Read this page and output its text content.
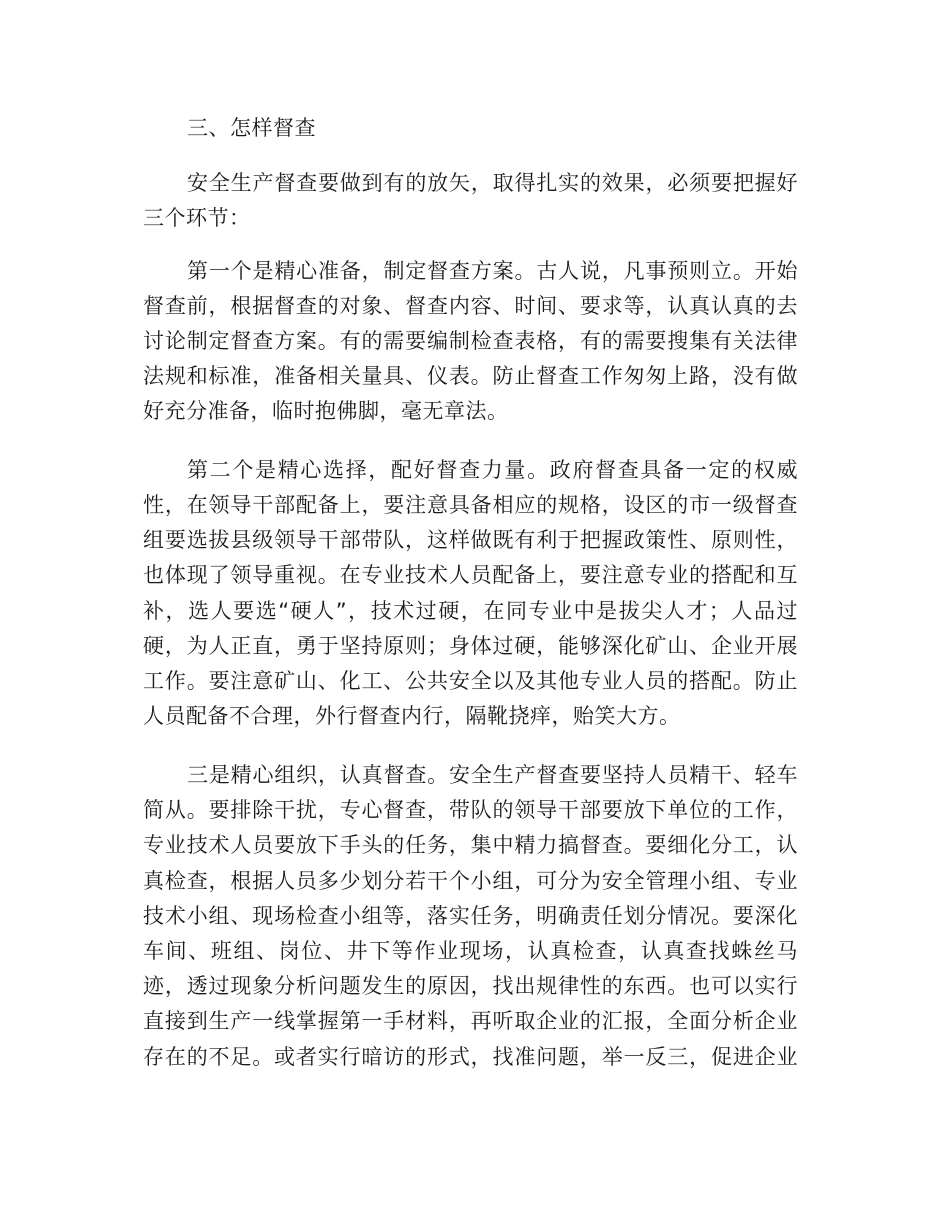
三、怎样督查
安全生产督查要做到有的放矢，取得扎实的效果，必须要把握好
三个环节：
第一个是精心准备，制定督查方案。古人说，凡事预则立。开始
督查前，根据督查的对象、督查内容、时间、要求等，认真认真的去
讨论制定督查方案。有的需要编制检查表格，有的需要搜集有关法律
法规和标准，准备相关量具、仪表。防止督查工作匆匆上路，没有做
好充分准备，临时抱佛脚，毫无章法。
第二个是精心选择，配好督查力量。政府督查具备一定的权威
性，在领导干部配备上，要注意具备相应的规格，设区的市一级督查
组要选拔县级领导干部带队，这样做既有利于把握政策性、原则性，
也体现了领导重视。在专业技术人员配备上，要注意专业的搭配和互
补，选人要选“硬人”，技术过硬，在同专业中是拔尖人才；人品过
硬，为人正直，勇于坚持原则；身体过硬，能够深化矿山、企业开展
工作。要注意矿山、化工、公共安全以及其他专业人员的搭配。防止
人员配备不合理，外行督查内行，隔靴挠痒，贻笑大方。
三是精心组织，认真督查。安全生产督查要坚持人员精干、轻车
简从。要排除干扰，专心督查，带队的领导干部要放下单位的工作，
专业技术人员要放下手头的任务，集中精力搞督查。要细化分工，认
真检查，根据人员多少划分若干个小组，可分为安全管理小组、专业
技术小组、现场检查小组等，落实任务，明确责任划分情况。要深化
车间、班组、岗位、井下等作业现场，认真检查，认真查找蛛丝马
迹，透过现象分析问题发生的原因，找出规律性的东西。也可以实行
直接到生产一线掌握第一手材料，再听取企业的汇报，全面分析企业
存在的不足。或者实行暗访的形式，找准问题，举一反三，促进企业
